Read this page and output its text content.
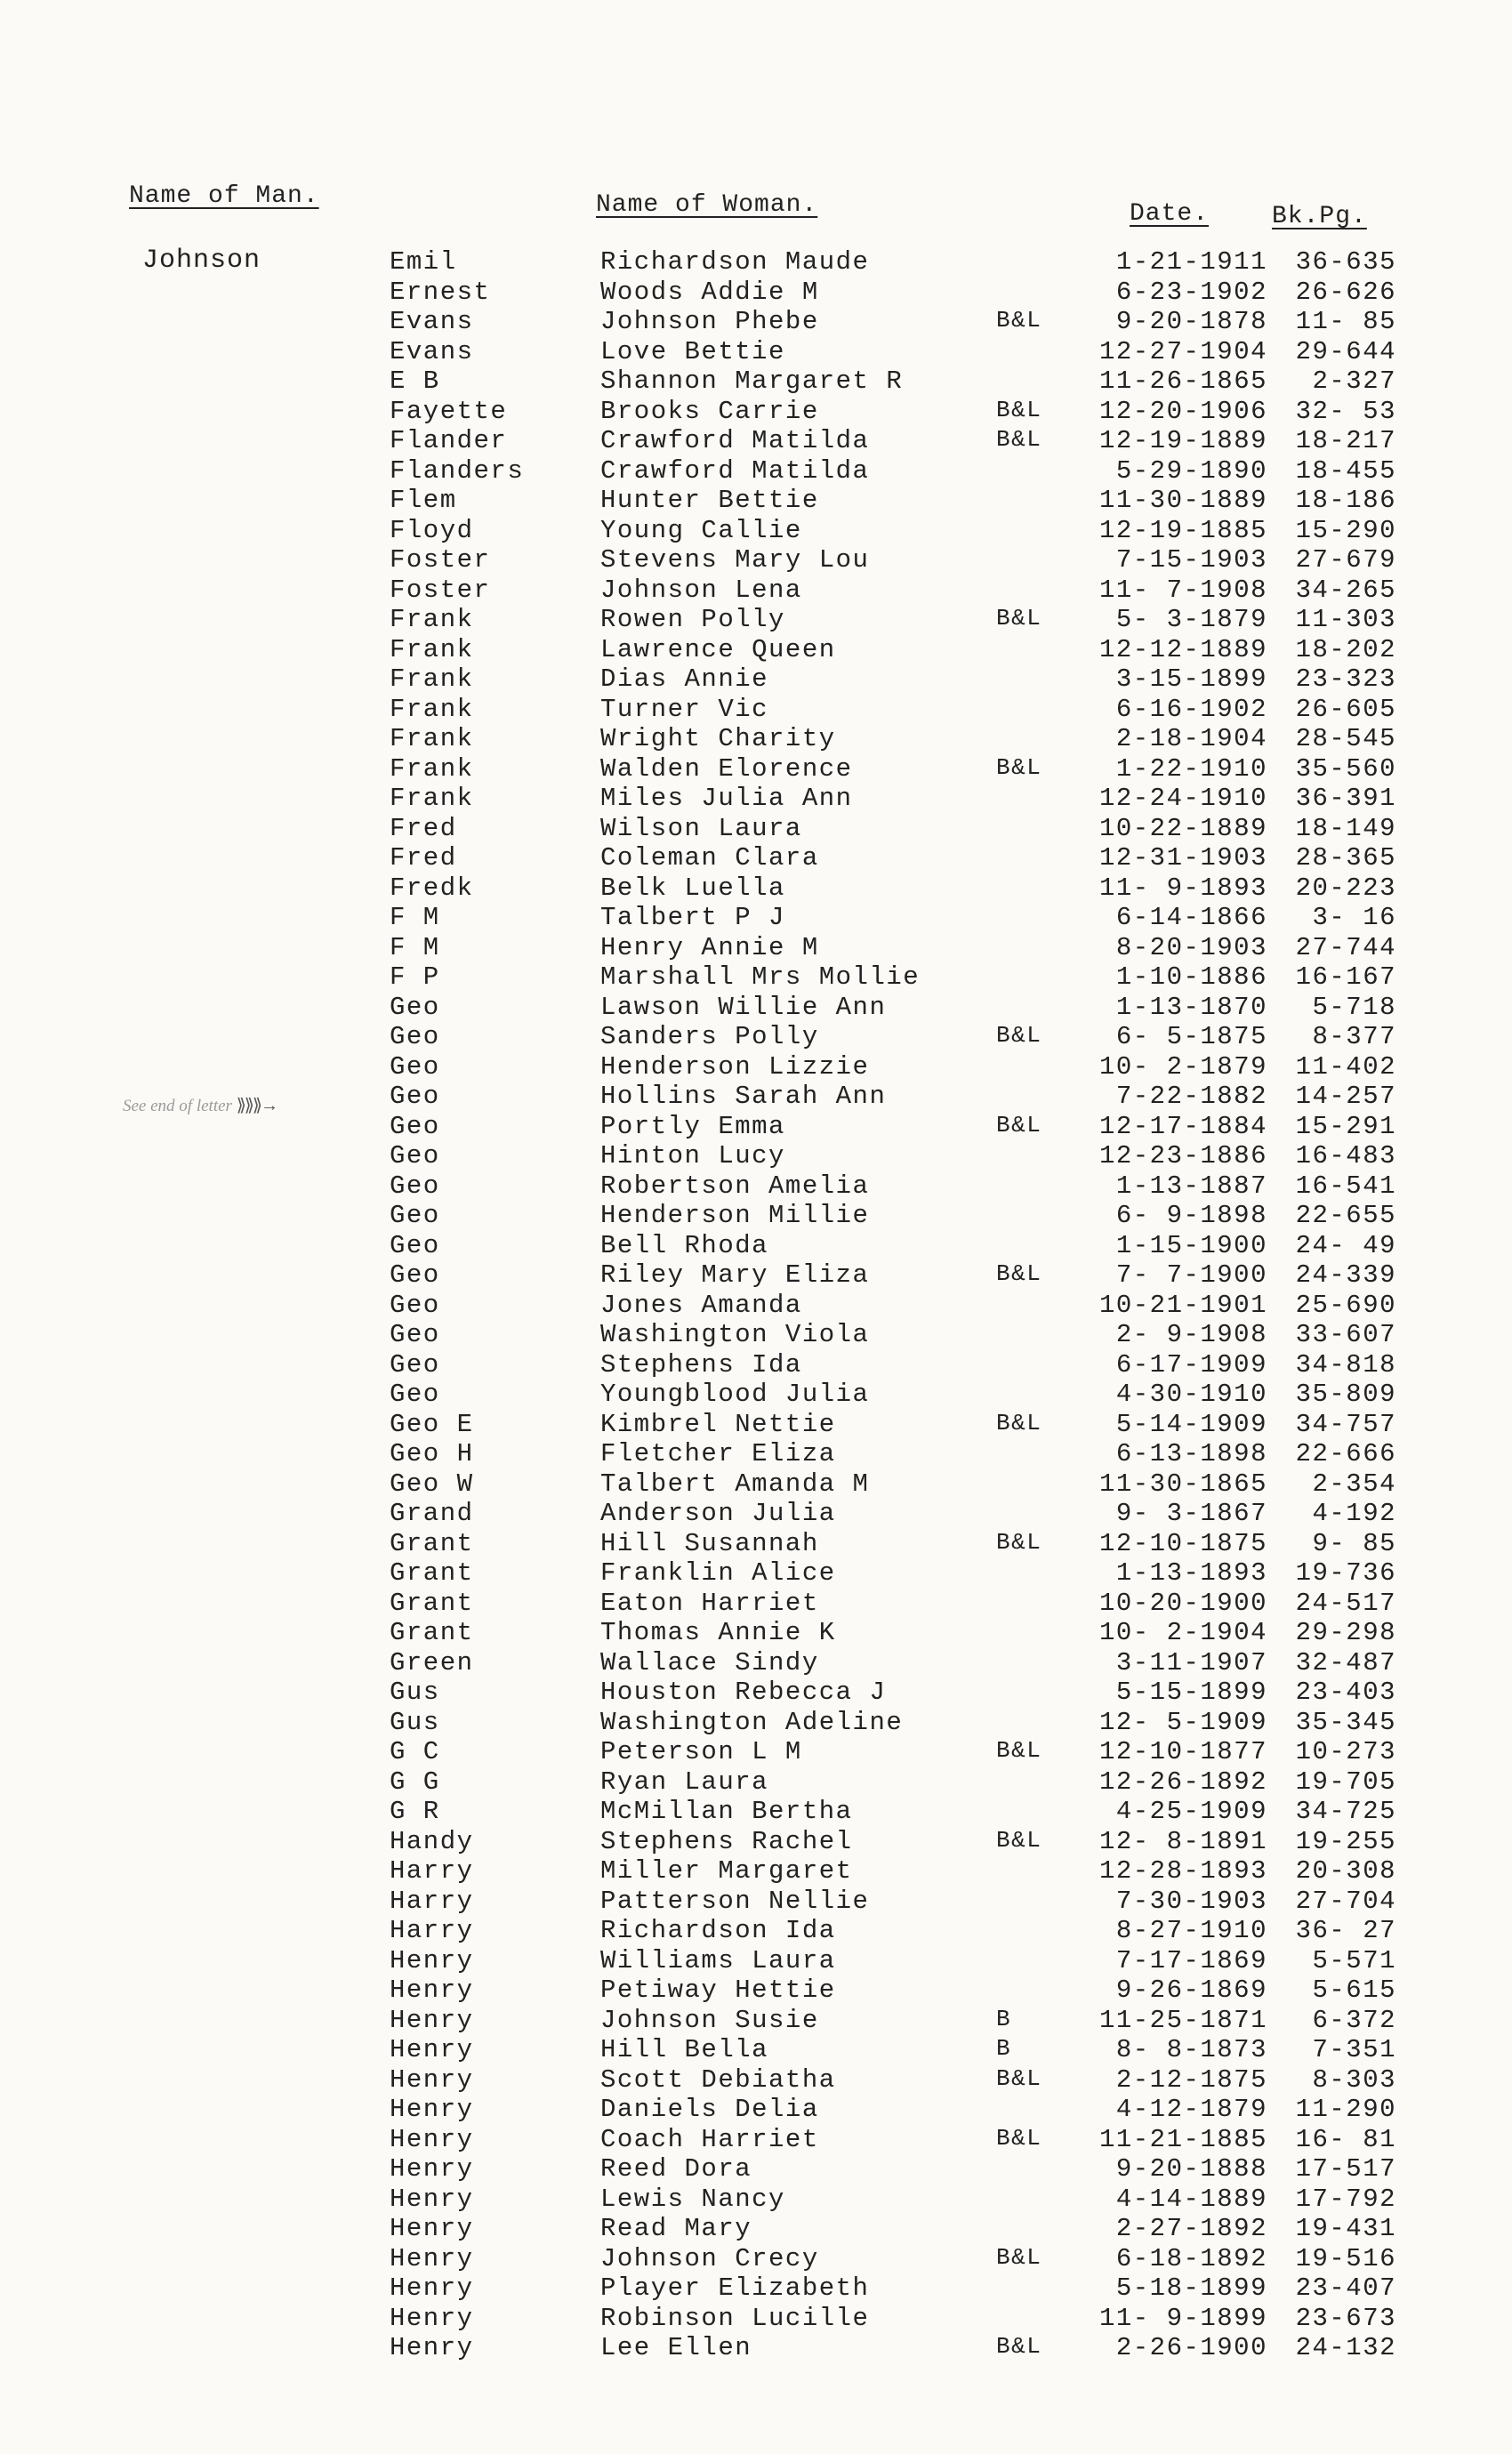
Name of Man.	Name of Woman.	Date.	Bk.Pg.
Johnson
See end of letter ⟫⟫⟫→
Emil	Richardson Maude	1-21-1911	36-635
Ernest	Woods Addie M	6-23-1902	26-626
Evans	Johnson Phebe	B&L	9-20-1878	11- 85
Evans	Love Bettie	12-27-1904	29-644
E B	Shannon Margaret R	11-26-1865	2-327
Fayette	Brooks Carrie	B&L	12-20-1906	32- 53
Flander	Crawford Matilda	B&L	12-19-1889	18-217
Flanders	Crawford Matilda	5-29-1890	18-455
Flem	Hunter Bettie	11-30-1889	18-186
Floyd	Young Callie	12-19-1885	15-290
Foster	Stevens Mary Lou	7-15-1903	27-679
Foster	Johnson Lena	11- 7-1908	34-265
Frank	Rowen Polly	B&L	5- 3-1879	11-303
Frank	Lawrence Queen	12-12-1889	18-202
Frank	Dias Annie	3-15-1899	23-323
Frank	Turner Vic	6-16-1902	26-605
Frank	Wright Charity	2-18-1904	28-545
Frank	Walden Elorence	B&L	1-22-1910	35-560
Frank	Miles Julia Ann	12-24-1910	36-391
Fred	Wilson Laura	10-22-1889	18-149
Fred	Coleman Clara	12-31-1903	28-365
Fredk	Belk Luella	11- 9-1893	20-223
F M	Talbert P J	6-14-1866	3- 16
F M	Henry Annie M	8-20-1903	27-744
F P	Marshall Mrs Mollie	1-10-1886	16-167
Geo	Lawson Willie Ann	1-13-1870	5-718
Geo	Sanders Polly	B&L	6- 5-1875	8-377
Geo	Henderson Lizzie	10- 2-1879	11-402
Geo	Hollins Sarah Ann	7-22-1882	14-257
Geo	Portly Emma	B&L	12-17-1884	15-291
Geo	Hinton Lucy	12-23-1886	16-483
Geo	Robertson Amelia	1-13-1887	16-541
Geo	Henderson Millie	6- 9-1898	22-655
Geo	Bell Rhoda	1-15-1900	24- 49
Geo	Riley Mary Eliza	B&L	7- 7-1900	24-339
Geo	Jones Amanda	10-21-1901	25-690
Geo	Washington Viola	2- 9-1908	33-607
Geo	Stephens Ida	6-17-1909	34-818
Geo	Youngblood Julia	4-30-1910	35-809
Geo E	Kimbrel Nettie	B&L	5-14-1909	34-757
Geo H	Fletcher Eliza	6-13-1898	22-666
Geo W	Talbert Amanda M	11-30-1865	2-354
Grand	Anderson Julia	9- 3-1867	4-192
Grant	Hill Susannah	B&L	12-10-1875	9- 85
Grant	Franklin Alice	1-13-1893	19-736
Grant	Eaton Harriet	10-20-1900	24-517
Grant	Thomas Annie K	10- 2-1904	29-298
Green	Wallace Sindy	3-11-1907	32-487
Gus	Houston Rebecca J	5-15-1899	23-403
Gus	Washington Adeline	12- 5-1909	35-345
G C	Peterson L M	B&L	12-10-1877	10-273
G G	Ryan Laura	12-26-1892	19-705
G R	McMillan Bertha	4-25-1909	34-725
Handy	Stephens Rachel	B&L	12- 8-1891	19-255
Harry	Miller Margaret	12-28-1893	20-308
Harry	Patterson Nellie	7-30-1903	27-704
Harry	Richardson Ida	8-27-1910	36- 27
Henry	Williams Laura	7-17-1869	5-571
Henry	Petiway Hettie	9-26-1869	5-615
Henry	Johnson Susie	B	11-25-1871	6-372
Henry	Hill Bella	B	8- 8-1873	7-351
Henry	Scott Debiatha	B&L	2-12-1875	8-303
Henry	Daniels Delia	4-12-1879	11-290
Henry	Coach Harriet	B&L	11-21-1885	16- 81
Henry	Reed Dora	9-20-1888	17-517
Henry	Lewis Nancy	4-14-1889	17-792
Henry	Read Mary	2-27-1892	19-431
Henry	Johnson Crecy	B&L	6-18-1892	19-516
Henry	Player Elizabeth	5-18-1899	23-407
Henry	Robinson Lucille	11- 9-1899	23-673
Henry	Lee Ellen	B&L	2-26-1900	24-132
